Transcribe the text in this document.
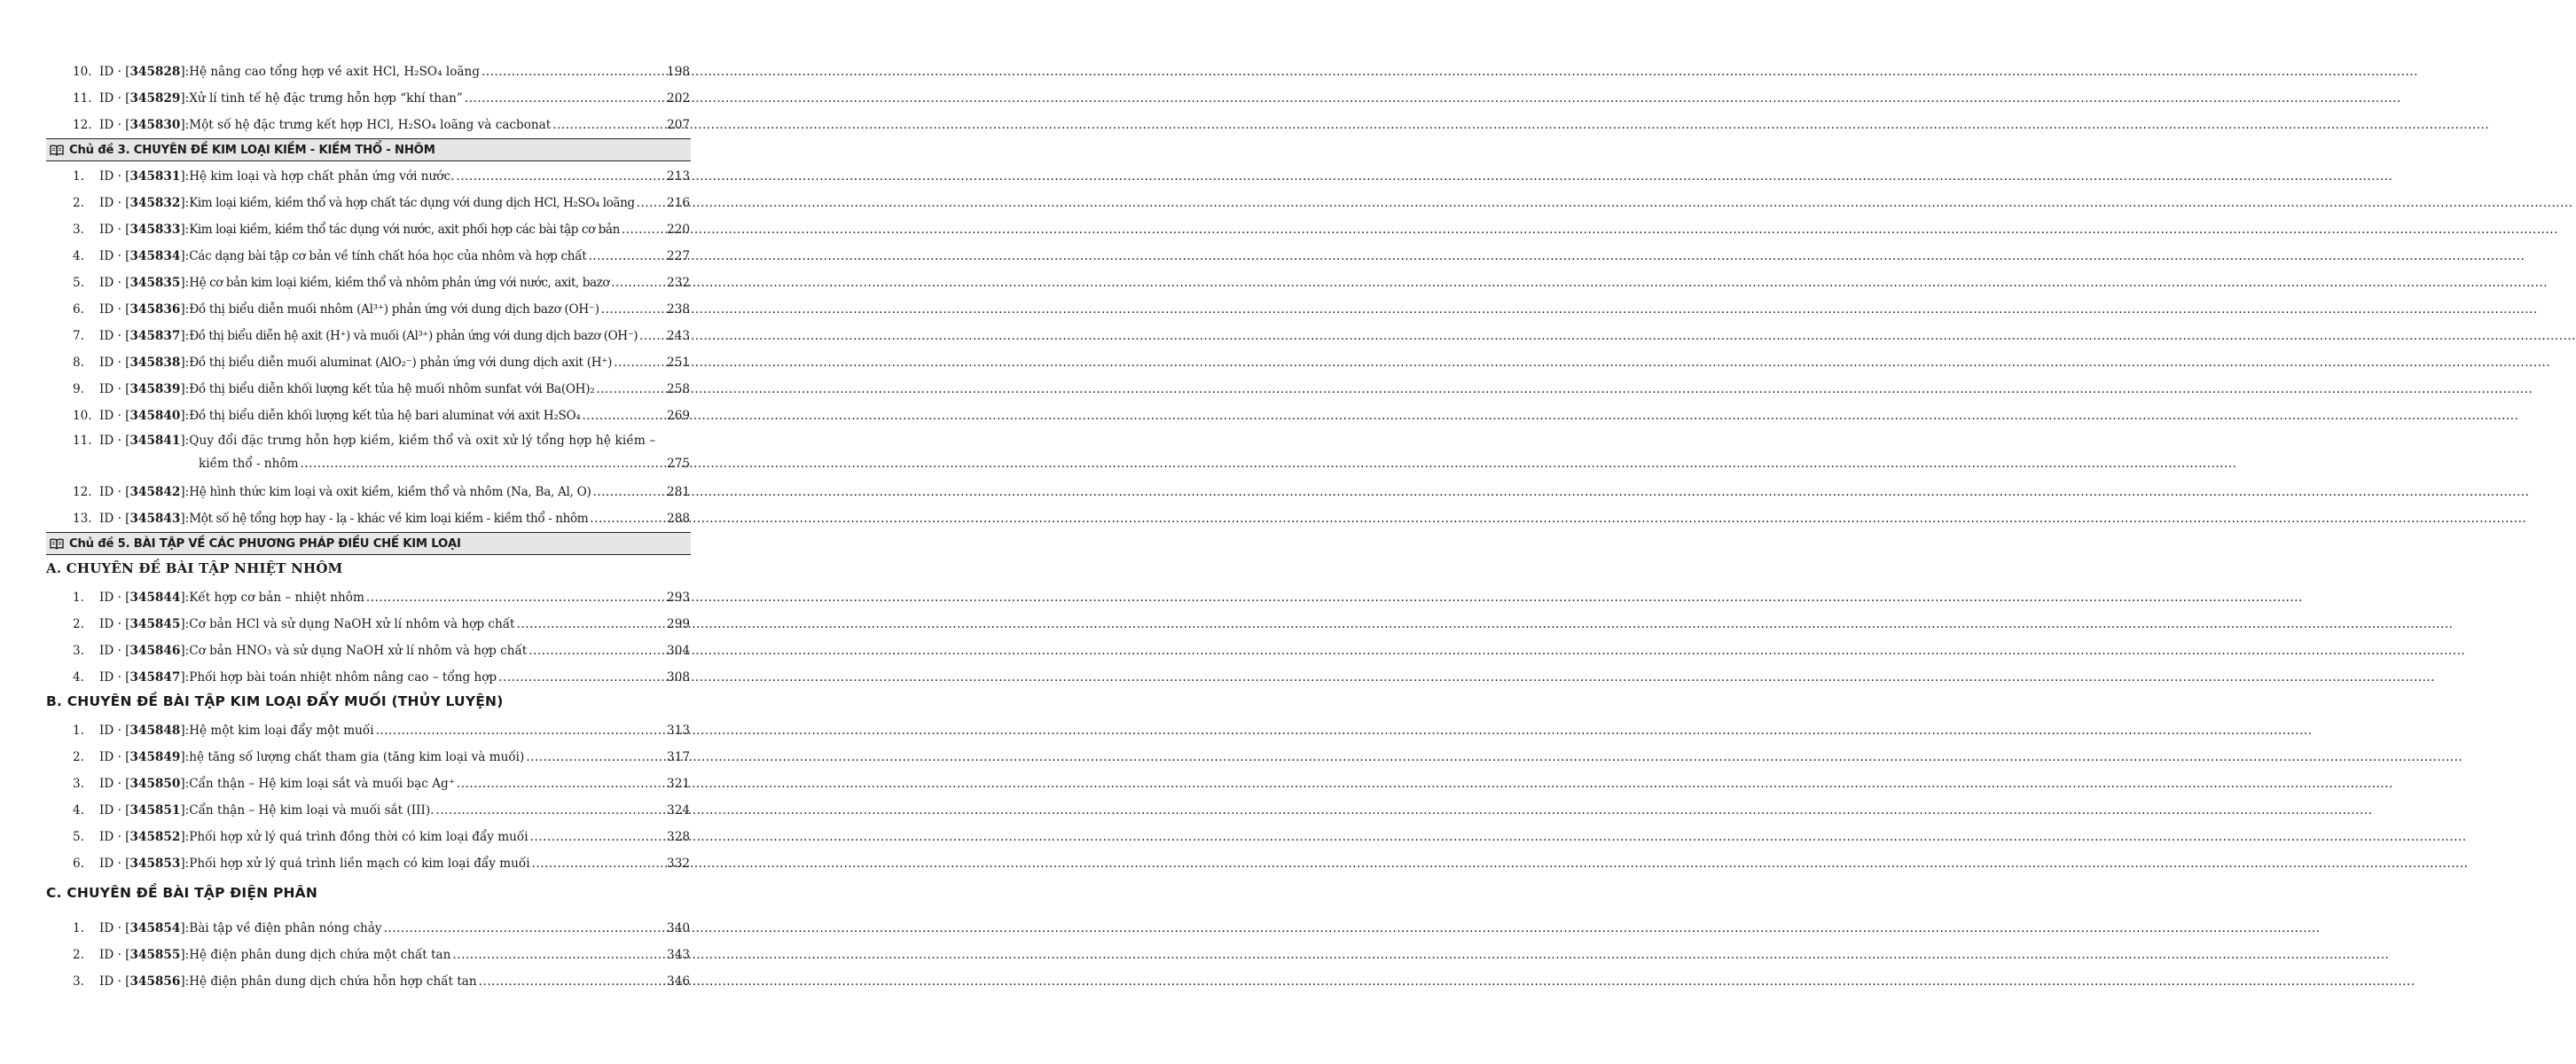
10. ID · [345828]: Hệ nâng cao tổng hợp về axit HCl, H₂SO₄ loãng .....	198
11. ID · [345829]: Xử lí tinh tế hệ đặc trưng hỗn hợp “khí than” .....	202
12. ID · [345830]: Một số hệ đặc trưng kết hợp HCl, H₂SO₄ loãng và cacbonat .....	207
Chủ đề 3. CHUYÊN ĐỀ KIM LOẠI KIỀM - KIỀM THỔ - NHÔM
1.	ID · [345831]: Hệ kim loại và hợp chất phản ứng với nước. .....	213
2.	ID · [345832]: Kim loại kiềm, kiềm thổ và hợp chất tác dụng với dung dịch HCl, H₂SO₄ loãng .....	216
3.	ID · [345833]: Kim loại kiềm, kiềm thổ tác dụng với nước, axit phối hợp các bài tập cơ bản .....	220
4.	ID · [345834]: Các dạng bài tập cơ bản về tính chất hóa học của nhôm và hợp chất .....	227
5.	ID · [345835]: Hệ cơ bản kim loại kiềm, kiềm thổ và nhôm phản ứng với nước, axit, bazơ .....	232
6.	ID · [345836]: Đồ thị biểu diễn muối nhôm (Al³⁺) phản ứng với dung dịch bazơ (OH⁻) .....	238
7.	ID · [345837]: Đồ thị biểu diễn hệ axit (H⁺) và muối (Al³⁺) phản ứng với dung dịch bazơ (OH⁻) ..... 243
8.	ID · [345838]: Đồ thị biểu diễn muối aluminat (AlO₂⁻) phản ứng với dung dịch axit (H⁺) .....	251
9.	ID · [345839]: Đồ thị biểu diễn khối lượng kết tủa hệ muối nhôm sunfat với Ba(OH)₂ .....	258
10. ID · [345840]: Đồ thị biểu diễn khối lượng kết tủa hệ bari aluminat với axit H₂SO₄ .....	269
11. ID · [345841]: Quy đổi đặc trưng hỗn hợp kiềm, kiềm thổ và oxit xử lý tổng hợp hệ kiềm –
kiềm thổ - nhôm .....	275
12. ID · [345842]: Hệ hình thức kim loại và oxit kiềm, kiềm thổ và nhôm (Na, Ba, Al, O) .....	281
13. ID · [345843]: Một số hệ tổng hợp hay - lạ - khác về kim loại kiềm - kiềm thổ - nhôm .....	288
Chủ đề 5. BÀI TẬP VỀ CÁC PHƯƠNG PHÁP ĐIỀU CHẾ KIM LOẠI
A. CHUYÊN ĐỀ BÀI TẬP NHIỆT NHÔM
1.	ID · [345844]: Kết hợp cơ bản – nhiệt nhôm .....	293
2.	ID · [345845]: Cơ bản HCl và sử dụng NaOH xử lí nhôm và hợp chất .....	299
3.	ID · [345846]: Cơ bản HNO₃ và sử dụng NaOH xử lí nhôm và hợp chất .....	304
4.	ID · [345847]: Phối hợp bài toán nhiệt nhôm nâng cao – tổng hợp .....	308
B. CHUYÊN ĐỀ BÀI TẬP KIM LOẠI ĐẨY MUỐI (THỦY LUYỆN)
1.	ID · [345848]: Hệ một kim loại đẩy một muối .....	313
2.	ID · [345849]: hệ tăng số lượng chất tham gia (tăng kim loại và muối) .....	317
3.	ID · [345850]: Cẩn thận – Hệ kim loại sắt và muối bạc Ag⁺ .....	321
4.	ID · [345851]: Cẩn thận – Hệ kim loại và muối sắt (III). .....	324
5.	ID · [345852]: Phối hợp xử lý quá trình đồng thời có kim loại đẩy muối .....	328
6.	ID · [345853]: Phối hợp xử lý quá trình liền mạch có kim loại đẩy muối .....	332
C. CHUYÊN ĐỀ BÀI TẬP ĐIỆN PHÂN
1.	ID · [345854]: Bài tập về điện phân nóng chảy .....	340
2.	ID · [345855]: Hệ điện phân dung dịch chứa một chất tan .....	343
3.	ID · [345856]: Hệ điện phân dung dịch chứa hỗn hợp chất tan .....	346
